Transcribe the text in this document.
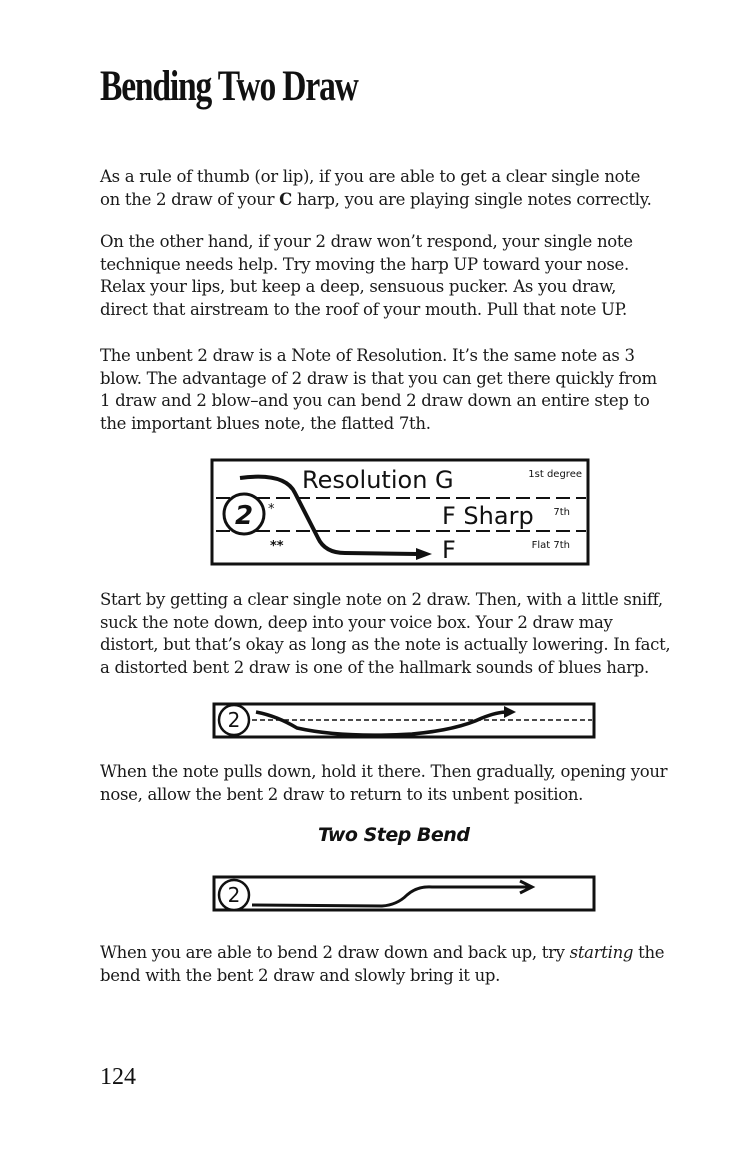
Bending Two Draw
As a rule of thumb (or lip), if you are able to get a clear single note
on the 2 draw of your C harp, you are playing single notes correctly.
On the other hand, if your 2 draw won’t respond, your single note
technique needs help. Try moving the harp UP toward your nose.
Relax your lips, but keep a deep, sensuous pucker. As you draw,
direct that airstream to the roof of your mouth. Pull that note UP.
The unbent 2 draw is a Note of Resolution. It’s the same note as 3
blow. The advantage of 2 draw is that you can get there quickly from
1 draw and 2 blow–and you can bend 2 draw down an entire step to
the important blues note, the flatted 7th.
2 *
**
Resolution G	1st degree
F Sharp 7th
F	Flat 7th
Start by getting a clear single note on 2 draw. Then, with a little sniff,
suck the note down, deep into your voice box. Your 2 draw may
distort, but that’s okay as long as the note is actually lowering. In fact,
a distorted bent 2 draw is one of the hallmark sounds of blues harp.
2
When the note pulls down, hold it there. Then gradually, opening your
nose, allow the bent 2 draw to return to its unbent position.
Two Step Bend
2
When you are able to bend 2 draw down and back up, try starting the
bend with the bent 2 draw and slowly bring it up.
124
